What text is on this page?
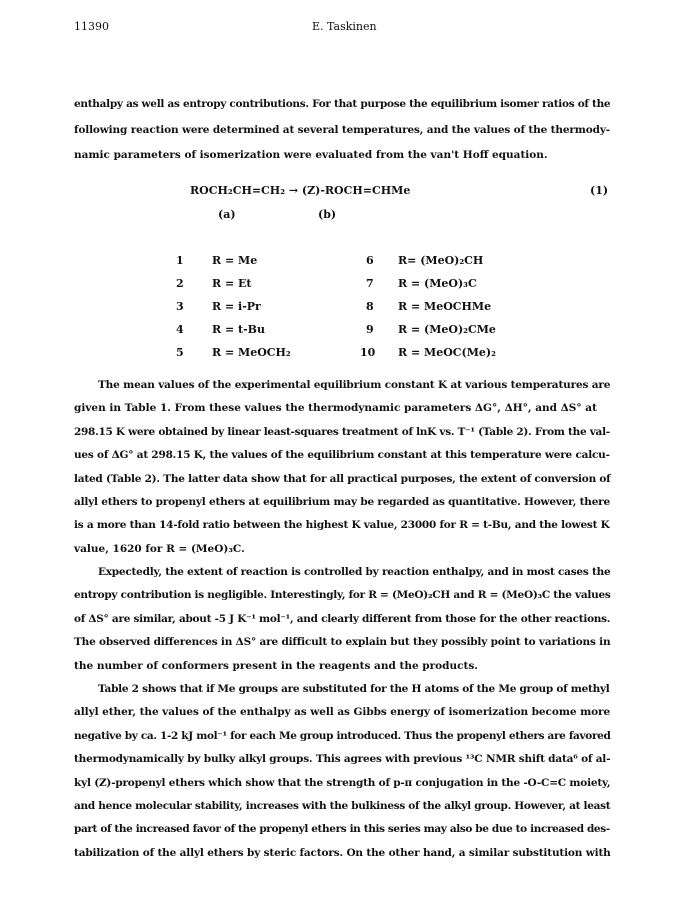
11390	E. Taskinen
enthalpy as well as entropy contributions. For that purpose the equilibrium isomer ratios of the
following reaction were determined at several temperatures, and the values of the thermody-
namic parameters of isomerization were evaluated from the van't Hoff equation.
ROCH₂CH=CH₂ → (Z)-ROCH=CHMe	(1)
(a)	(b)
1	R = Me
2	R = Et
3	R = i-Pr
4	R = t-Bu
5	R = MeOCH₂
6 R= (MeO)₂CH
7 R = (MeO)₃C
8 R = MeOCHMe
9 R = (MeO)₂CMe
10 R = MeOC(Me)₂
The mean values of the experimental equilibrium constant K at various temperatures are
given in Table 1. From these values the thermodynamic parameters ΔG°, ΔH°, and ΔS° at
298.15 K were obtained by linear least-squares treatment of lnK vs. T⁻¹ (Table 2). From the val-
ues of ΔG° at 298.15 K, the values of the equilibrium constant at this temperature were calcu-
lated (Table 2). The latter data show that for all practical purposes, the extent of conversion of
allyl ethers to propenyl ethers at equilibrium may be regarded as quantitative. However, there
is a more than 14-fold ratio between the highest K value, 23000 for R = t-Bu, and the lowest K
value, 1620 for R = (MeO)₃C.
Expectedly, the extent of reaction is controlled by reaction enthalpy, and in most cases the
entropy contribution is negligible. Interestingly, for R = (MeO)₂CH and R = (MeO)₃C the values
of ΔS° are similar, about -5 J K⁻¹ mol⁻¹, and clearly different from those for the other reactions.
The observed differences in ΔS° are difficult to explain but they possibly point to variations in
the number of conformers present in the reagents and the products.
Table 2 shows that if Me groups are substituted for the H atoms of the Me group of methyl
allyl ether, the values of the enthalpy as well as Gibbs energy of isomerization become more
negative by ca. 1-2 kJ mol⁻¹ for each Me group introduced. Thus the propenyl ethers are favored
thermodynamically by bulky alkyl groups. This agrees with previous ¹³C NMR shift data⁶ of al-
kyl (Z)-propenyl ethers which show that the strength of p-π conjugation in the -O-C=C moiety,
and hence molecular stability, increases with the bulkiness of the alkyl group. However, at least
part of the increased favor of the propenyl ethers in this series may also be due to increased des-
tabilization of the allyl ethers by steric factors. On the other hand, a similar substitution with
